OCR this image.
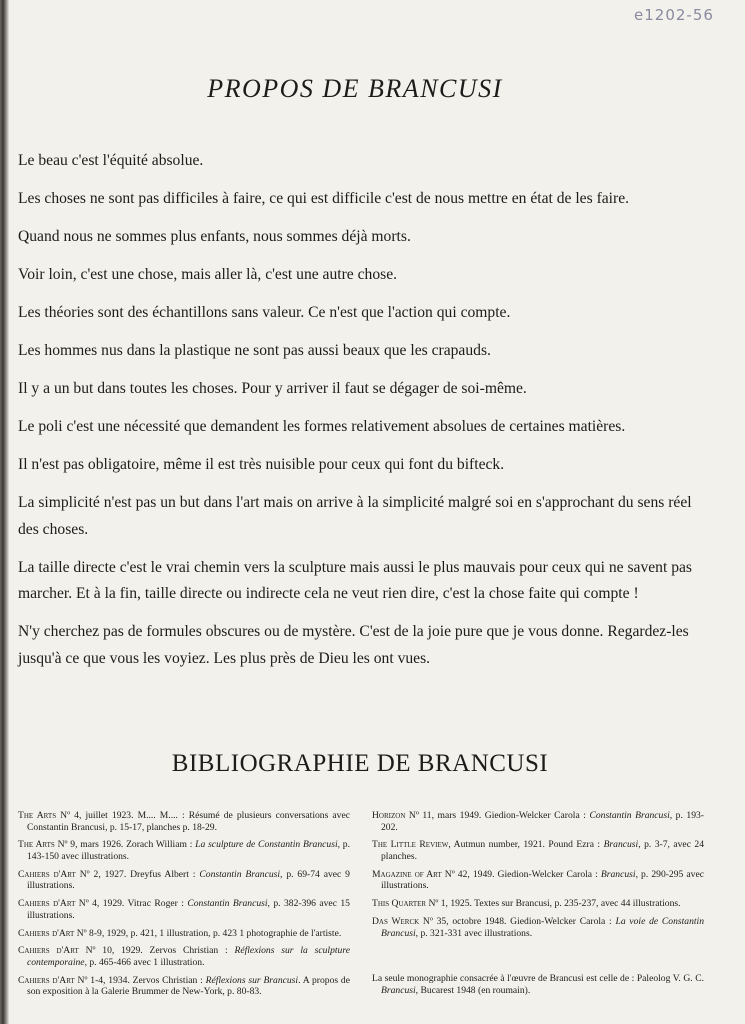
e1202-56
PROPOS DE BRANCUSI

Le beau c'est l'équité absolue.

Les choses ne sont pas difficiles à faire, ce qui est difficile c'est de nous mettre en état de les faire.

Quand nous ne sommes plus enfants, nous sommes déjà morts.

Voir loin, c'est une chose, mais aller là, c'est une autre chose.

Les théories sont des échantillons sans valeur. Ce n'est que l'action qui compte.

Les hommes nus dans la plastique ne sont pas aussi beaux que les crapauds.

Il y a un but dans toutes les choses. Pour y arriver il faut se dégager de soi-même.

Le poli c'est une nécessité que demandent les formes relativement absolues de certaines matières.

Il n'est pas obligatoire, même il est très nuisible pour ceux qui font du bifteck.

La simplicité n'est pas un but dans l'art mais on arrive à la simplicité malgré soi en s'approchant du sens réel des choses.

La taille directe c'est le vrai chemin vers la sculpture mais aussi le plus mauvais pour ceux qui ne savent pas marcher. Et à la fin, taille directe ou indirecte cela ne veut rien dire, c'est la chose faite qui compte !

N'y cherchez pas de formules obscures ou de mystère. C'est de la joie pure que je vous donne. Regardez-les jusqu'à ce que vous les voyiez. Les plus près de Dieu les ont vues.

BIBLIOGRAPHIE DE BRANCUSI

The Arts Nº 4, juillet 1923. M.... M.... : Résumé de plusieurs conversations avec Constantin Brancusi, p. 15-17, planches p. 18-29.

The Arts Nº 9, mars 1926. Zorach William : La sculpture de Constantin Brancusi, p. 143-150 avec illustrations.

Cahiers d'Art Nº 2, 1927. Dreyfus Albert : Constantin Brancusi, p. 69-74 avec 9 illustrations.

Cahiers d'Art Nº 4, 1929. Vitrac Roger : Constantin Brancusi, p. 382-396 avec 15 illustrations.

Cahiers d'Art Nº 8-9, 1929, p. 421, 1 illustration, p. 423 1 photographie de l'artiste.

Cahiers d'Art Nº 10, 1929. Zervos Christian : Réflexions sur la sculpture contemporaine, p. 465-466 avec 1 illustration.

Cahiers d'Art Nº 1-4, 1934. Zervos Christian : Réflexions sur Brancusi. A propos de son exposition à la Galerie Brummer de New-York, p. 80-83.

Horizon Nº 11, mars 1949. Giedion-Welcker Carola : Constantin Brancusi, p. 193-202.

The Little Review, Autmun number, 1921. Pound Ezra : Brancusi, p. 3-7, avec 24 planches.

Magazine of Art Nº 42, 1949. Giedion-Welcker Carola : Brancusi, p. 290-295 avec illustrations.

This Quarter Nº 1, 1925. Textes sur Brancusi, p. 235-237, avec 44 illustrations.

Das Werck Nº 35, octobre 1948. Giedion-Welcker Carola : La voie de Constantin Brancusi, p. 321-331 avec illustrations.

La seule monographie consacrée à l'œuvre de Brancusi est celle de : Paleolog V. G. C. Brancusi, Bucarest 1948 (en roumain).
